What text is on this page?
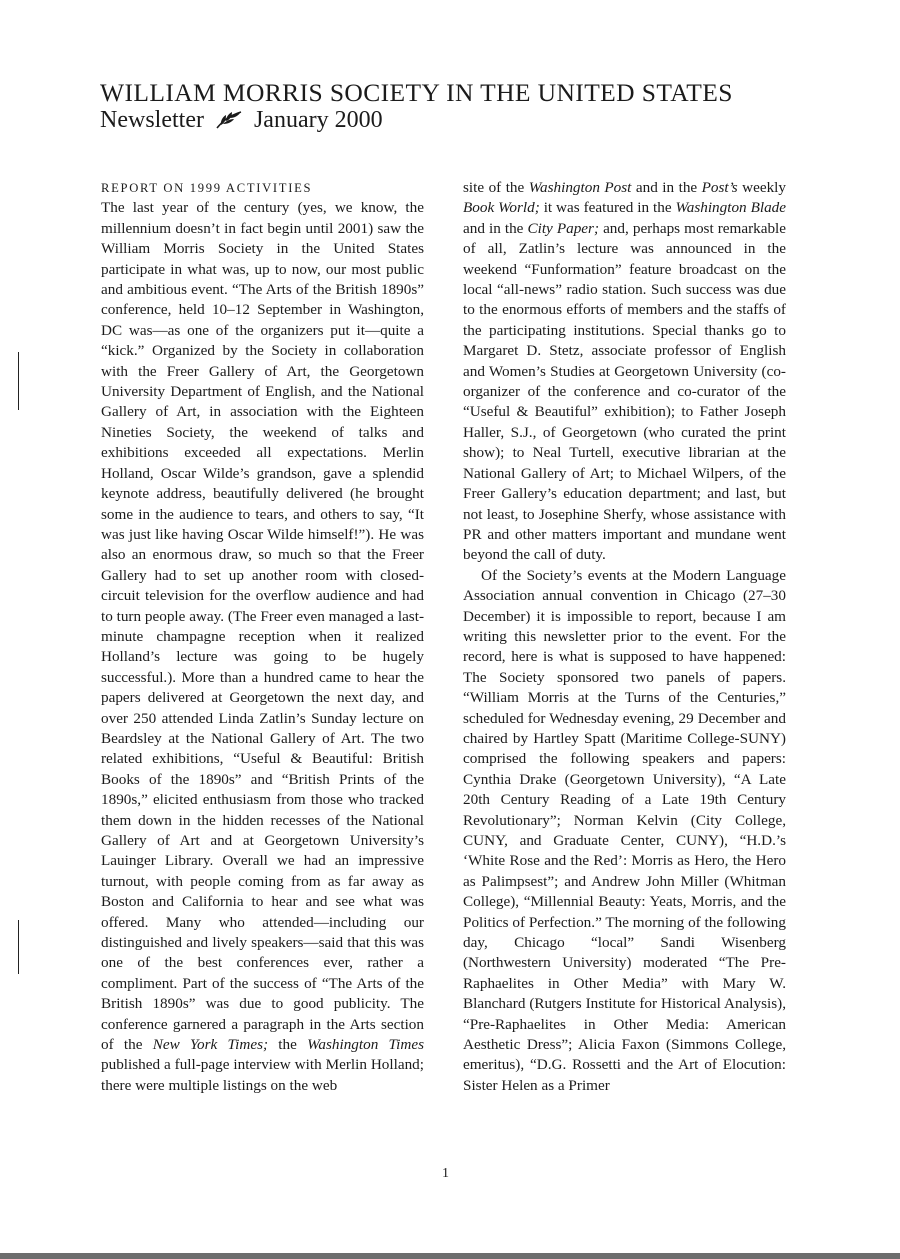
WILLIAM MORRIS SOCIETY IN THE UNITED STATES
Newsletter January 2000

REPORT ON 1999 ACTIVITIES

The last year of the century (yes, we know, the millennium doesn’t in fact begin until 2001) saw the William Morris Society in the United States participate in what was, up to now, our most public and ambitious event. “The Arts of the British 1890s” conference, held 10–12 September in Washington, DC was—as one of the organizers put it—quite a “kick.” Organized by the Society in collaboration with the Freer Gallery of Art, the Georgetown University Department of English, and the National Gallery of Art, in association with the Eighteen Nineties Society, the weekend of talks and exhibitions exceeded all expectations. Merlin Holland, Oscar Wilde’s grandson, gave a splendid keynote address, beautifully delivered (he brought some in the audience to tears, and others to say, “It was just like having Oscar Wilde himself!”). He was also an enormous draw, so much so that the Freer Gallery had to set up another room with closed-circuit television for the overflow audience and had to turn people away. (The Freer even managed a last-minute champagne reception when it realized Holland’s lecture was going to be hugely successful.). More than a hundred came to hear the papers delivered at Georgetown the next day, and over 250 attended Linda Zatlin’s Sunday lecture on Beardsley at the National Gallery of Art. The two related exhibitions, “Useful & Beautiful: British Books of the 1890s” and “British Prints of the 1890s,” elicited enthusiasm from those who tracked them down in the hidden recesses of the National Gallery of Art and at Georgetown University’s Lauinger Library. Overall we had an impressive turnout, with people coming from as far away as Boston and California to hear and see what was offered. Many who attended—including our distinguished and lively speakers—said that this was one of the best conferences ever, rather a compliment. Part of the success of “The Arts of the British 1890s” was due to good publicity. The conference garnered a paragraph in the Arts section of the New York Times; the Washington Times published a full-page interview with Merlin Holland; there were multiple listings on the web

site of the Washington Post and in the Post’s weekly Book World; it was featured in the Washington Blade and in the City Paper; and, perhaps most remarkable of all, Zatlin’s lecture was announced in the weekend “Funformation” feature broadcast on the local “all-news” radio station. Such success was due to the enormous efforts of members and the staffs of the participating institutions. Special thanks go to Margaret D. Stetz, associate professor of English and Women’s Studies at Georgetown University (co-organizer of the conference and co-curator of the “Useful & Beautiful” exhibition); to Father Joseph Haller, S.J., of Georgetown (who curated the print show); to Neal Turtell, executive librarian at the National Gallery of Art; to Michael Wilpers, of the Freer Gallery’s education department; and last, but not least, to Josephine Sherfy, whose assistance with PR and other matters important and mundane went beyond the call of duty.

Of the Society’s events at the Modern Language Association annual convention in Chicago (27–30 December) it is impossible to report, because I am writing this newsletter prior to the event. For the record, here is what is supposed to have happened: The Society sponsored two panels of papers. “William Morris at the Turns of the Centuries,” scheduled for Wednesday evening, 29 December and chaired by Hartley Spatt (Maritime College-SUNY) comprised the following speakers and papers: Cynthia Drake (Georgetown University), “A Late 20th Century Reading of a Late 19th Century Revolutionary”; Norman Kelvin (City College, CUNY, and Graduate Center, CUNY), “H.D.’s ‘White Rose and the Red’: Morris as Hero, the Hero as Palimpsest”; and Andrew John Miller (Whitman College), “Millennial Beauty: Yeats, Morris, and the Politics of Perfection.” The morning of the following day, Chicago “local” Sandi Wisenberg (Northwestern University) moderated “The Pre-Raphaelites in Other Media” with Mary W. Blanchard (Rutgers Institute for Historical Analysis), “Pre-Raphaelites in Other Media: American Aesthetic Dress”; Alicia Faxon (Simmons College, emeritus), “D.G. Rossetti and the Art of Elocution: Sister Helen as a Primer

1
